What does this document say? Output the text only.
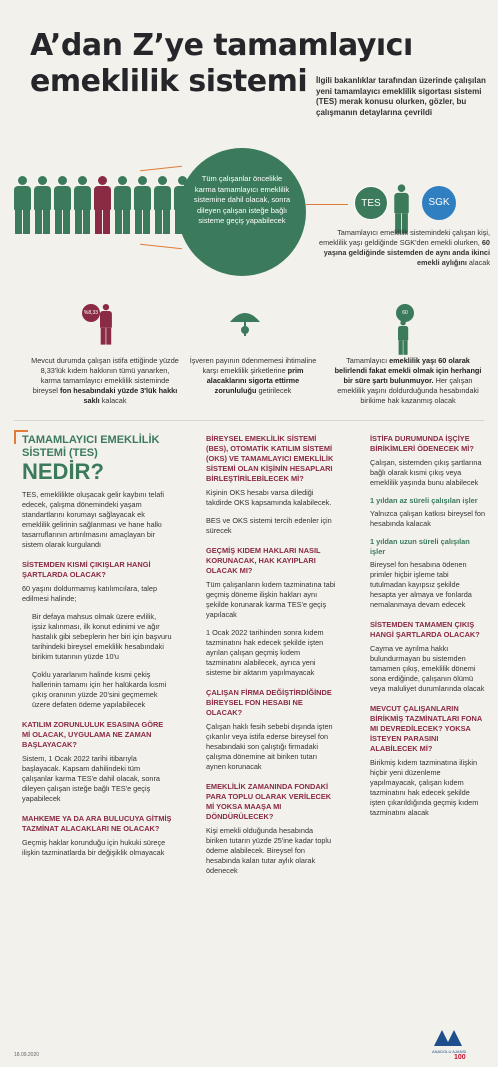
A’dan Z’ye tamamlayıcı
emeklilik sistemi	İlgili bakanlıklar tarafından üzerinde çalışılan yeni tamamlayıcı emeklilik sigortası sistemi (TES) merak konusu olurken, gözler, bu çalışmanın detaylarına çevrildi
Tüm çalışanlar öncelikle karma tamamlayıcı emeklilik sistemine dahil olacak, sonra dileyen çalışan isteğe bağlı sisteme geçiş yapabilecek
TES	SGK
Tamamlayıcı emeklilik sistemindeki çalışan kişi, emeklilik yaşı geldiğinde SGK'den emekli olurken, 60 yaşına geldiğinde sistemden de aynı anda ikinci emekli aylığını alacak
%8,33	60
Mevcut durumda çalışan istifa ettiğinde yüzde 8,33'lük kıdem hakkının tümü yanarken, karma tamamlayıcı emeklilik sisteminde bireysel fon hesabındaki yüzde 3'lük hakkı saklı kalacak
İşveren payının ödenmemesi ihtimaline karşı emeklilik şirketlerine prim alacaklarını sigorta ettirme zorunluluğu getirilecek
Tamamlayıcı emeklilik yaşı 60 olarak belirlendi fakat emekli olmak için herhangi bir süre şartı bulunmuyor. Her çalışan emeklilik yaşını doldurduğunda hesabındaki birikime hak kazanmış olacak
TAMAMLAYICI EMEKLİLİK SİSTEMİ (TES)
NEDİR?

TES, emeklilikte oluşacak gelir kaybını telafi edecek, çalışma dönemindeki yaşam standartlarını korumayı sağlayacak ek emeklilik gelirinin sağlanması ve hane halkı tasarruflarının artırılmasını amaçlayan bir sistem olarak kurgulandı

SİSTEMDEN KISMİ ÇIKIŞLAR HANGİ ŞARTLARDA OLACAK?

60 yaşını doldurmamış katılımcılara, talep edilmesi halinde;

Bir defaya mahsus olmak üzere evlilik, işsiz kalınması, ilk konut edinimi ve ağır hastalık gibi sebeplerin her biri için başvuru tarihindeki bireysel emeklilik hesabındaki birikim tutarının yüzde 10'u

Çoklu yararlanım halinde kısmi çekiş hallerinin tamamı için her halükarda kısmi çıkış oranının yüzde 20'sini geçmemek üzere defaten ödeme yapılabilecek

KATILIM ZORUNLULUK ESASINA GÖRE Mİ OLACAK, UYGULAMA NE ZAMAN BAŞLAYACAK?

Sistem, 1 Ocak 2022 tarihi itibarıyla başlayacak. Kapsam dahilindeki tüm çalışanlar karma TES'e dahil olacak, sonra dileyen çalışan isteğe bağlı TES'e geçiş yapabilecek

MAHKEME YA DA ARA BULUCUYA GİTMİŞ TAZMİNAT ALACAKLARI NE OLACAK?

Geçmiş haklar korunduğu için hukuki süreçe ilişkin tazminatlarda bir değişiklik olmayacak

BİREYSEL EMEKLİLİK SİSTEMİ (BES), OTOMATİK KATILIM SİSTEMİ (OKS) VE TAMAMLAYICI EMEKLİLİK SİSTEMİ OLAN KİŞİNİN HESAPLARI BİRLEŞTİRİLEBİLECEK Mİ?

Kişinin OKS hesabı varsa dilediği takdirde OKS kapsamında kalabilecek.

BES ve OKS sistemi tercih edenler için sürecek

GEÇMİŞ KIDEM HAKLARI NASIL KORUNACAK, HAK KAYIPLARI OLACAK MI?

Tüm çalışanların kıdem tazminatına tabi geçmiş döneme ilişkin hakları aynı şekilde korunarak karma TES'e geçiş yapılacak

1 Ocak 2022 tarihinden sonra kıdem tazminatını hak edecek şekilde işten ayrılan çalışan geçmiş kıdem tazminatını alabilecek, ayrıca yeni sisteme bir aktarım yapılmayacak

ÇALIŞAN FİRMA DEĞİŞTİRDİĞİNDE BİREYSEL FON HESABI NE OLACAK?

Çalışan haklı fesih sebebi dışında işten çıkarılır veya istifa ederse bireysel fon hesabındaki son çalıştığı firmadaki çalışma dönemine ait biriken tutarı aynen korunacak

EMEKLİLİK ZAMANINDA FONDAKİ PARA TOPLU OLARAK VERİLECEK Mİ YOKSA MAAŞA MI DÖNDÜRÜLECEK?

Kişi emekli olduğunda hesabında biriken tutarın yüzde 25'ine kadar toplu ödeme alabilecek. Bireysel fon hesabında kalan tutar aylık olarak ödenecek

İSTİFA DURUMUNDA İŞÇİYE BİRİKİMLERİ ÖDENECEK Mİ?

Çalışan, sistemden çıkış şartlarına bağlı olarak kısmi çıkış veya emeklilik yaşında bunu alabilecek

1 yıldan az süreli çalışılan işler

Yalnızca çalışan katkısı bireysel fon hesabında kalacak

1 yıldan uzun süreli çalışılan işler

Bireysel fon hesabına ödenen primler hiçbir işleme tabi tutulmadan kayıpsız şekilde hesapta yer almaya ve fonlarda nemalanmaya devam edecek

SİSTEMDEN TAMAMEN ÇIKIŞ HANGİ ŞARTLARDA OLACAK?

Cayma ve ayrılma hakkı bulundurmayan bu sistemden tamamen çıkış, emeklilik dönemi sona erdiğinde, çalışanın ölümü veya maluliyet durumlarında olacak

MEVCUT ÇALIŞANLARIN BİRİKMİŞ TAZMİNATLARI FONA MI DEVREDİLECEK? YOKSA İSTEYEN PARASINI ALABİLECEK Mİ?

Birikmiş kıdem tazminatına ilişkin hiçbir yeni düzenleme yapılmayacak, çalışan kıdem tazminatını hak edecek şekilde işten çıkarıldığında geçmiş kıdem tazminatını alacak

18.09.2020
ANADOLU AJANSI
100
